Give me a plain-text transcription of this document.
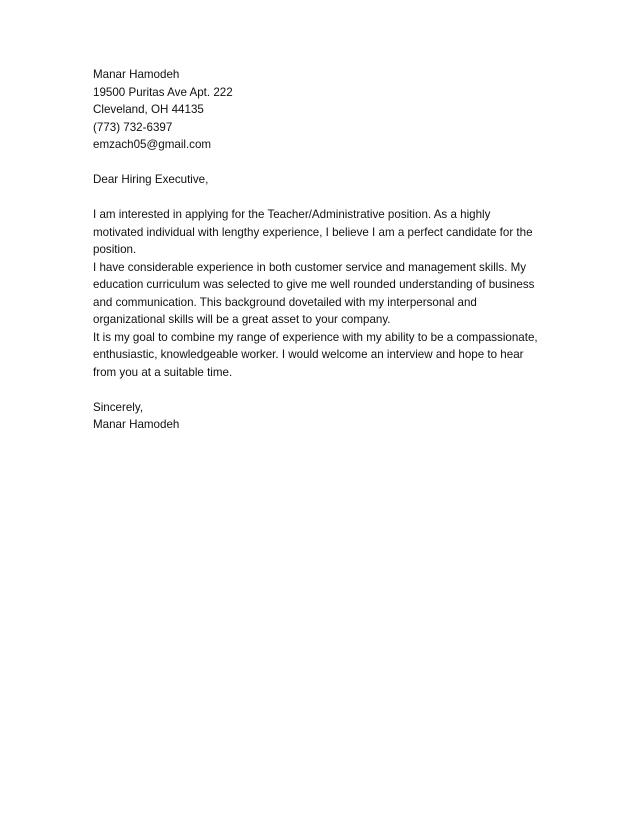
Manar Hamodeh
19500 Puritas Ave Apt. 222
Cleveland, OH 44135
(773) 732-6397
emzach05@gmail.com
Dear Hiring Executive,
I am interested in applying for the Teacher/Administrative position. As a highly
motivated individual with lengthy experience, I believe I am a perfect candidate for the
position.
I have considerable experience in both customer service and management skills. My
education curriculum was selected to give me well rounded understanding of business
and communication. This background dovetailed with my interpersonal and
organizational skills will be a great asset to your company.
It is my goal to combine my range of experience with my ability to be a compassionate,
enthusiastic, knowledgeable worker. I would welcome an interview and hope to hear
from you at a suitable time.
Sincerely,
Manar Hamodeh
